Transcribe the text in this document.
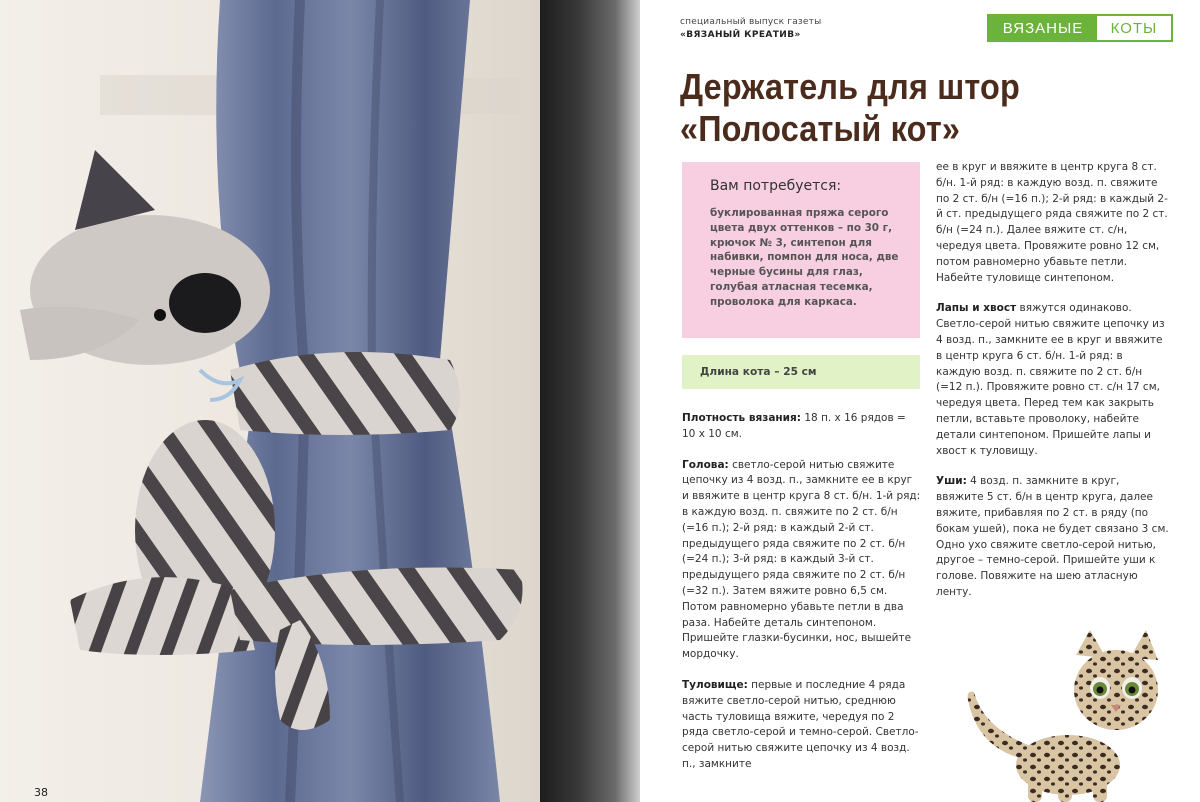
38
специальный выпуск газеты
«ВЯЗАНЫЙ КРЕАТИВ»	ВЯЗАНЫЕ	КОТЫ
Держатель для штор
«Полосатый кот»
Вам потребуется:
буклированная пряжа серого цвета двух оттенков – по 30 г, крючок № 3, синтепон для набивки, помпон для носа, две черные бусины для глаз, голубая атласная тесемка, проволока для каркаса.
Длина кота – 25 см

Плотность вязания: 18 п. х 16 рядов = 10 х 10 см.

Голова: светло-серой нитью свяжите цепочку из 4 возд. п., замкните ее в круг и ввяжите в центр круга 8 ст. б/н. 1-й ряд: в каждую возд. п. свяжите по 2 ст. б/н (=16 п.); 2-й ряд: в каждый 2-й ст. предыдущего ряда свяжите по 2 ст. б/н (=24 п.); 3-й ряд: в каждый 3-й ст. предыдущего ряда свяжите по 2 ст. б/н (=32 п.). Затем вяжите ровно 6,5 см. Потом равномерно убавьте петли в два раза. Набейте деталь синтепоном. Пришейте глазки-бусинки, нос, вышейте мордочку.

Туловище: первые и последние 4 ряда вяжите светло-серой нитью, среднюю часть туловища вяжите, чередуя по 2 ряда светло-серой и темно-серой. Светло-серой нитью свяжите цепочку из 4 возд. п., замкните

ее в круг и ввяжите в центр круга 8 ст. б/н. 1-й ряд: в каждую возд. п. свяжите по 2 ст. б/н (=16 п.); 2-й ряд: в каждый 2-й ст. предыдущего ряда свяжите по 2 ст. б/н (=24 п.). Далее вяжите ст. с/н, чередуя цвета. Провяжите ровно 12 см, потом равномерно убавьте петли. Набейте туловище синтепоном.

Лапы и хвост вяжутся одинаково. Светло-серой нитью свяжите цепочку из 4 возд. п., замкните ее в круг и ввяжите в центр круга 6 ст. б/н. 1-й ряд: в каждую возд. п. свяжите по 2 ст. б/н (=12 п.). Провяжите ровно ст. с/н 17 см, чередуя цвета. Перед тем как закрыть петли, вставьте проволоку, набейте детали синтепоном. Пришейте лапы и хвост к туловищу.

Уши: 4 возд. п. замкните в круг, ввяжите 5 ст. б/н в центр круга, далее вяжите, прибавляя по 2 ст. в ряду (по бокам ушей), пока не будет связано 3 см. Одно ухо свяжите светло-серой нитью, другое – темно-серой. Пришейте уши к голове. Повяжите на шею атласную ленту.
